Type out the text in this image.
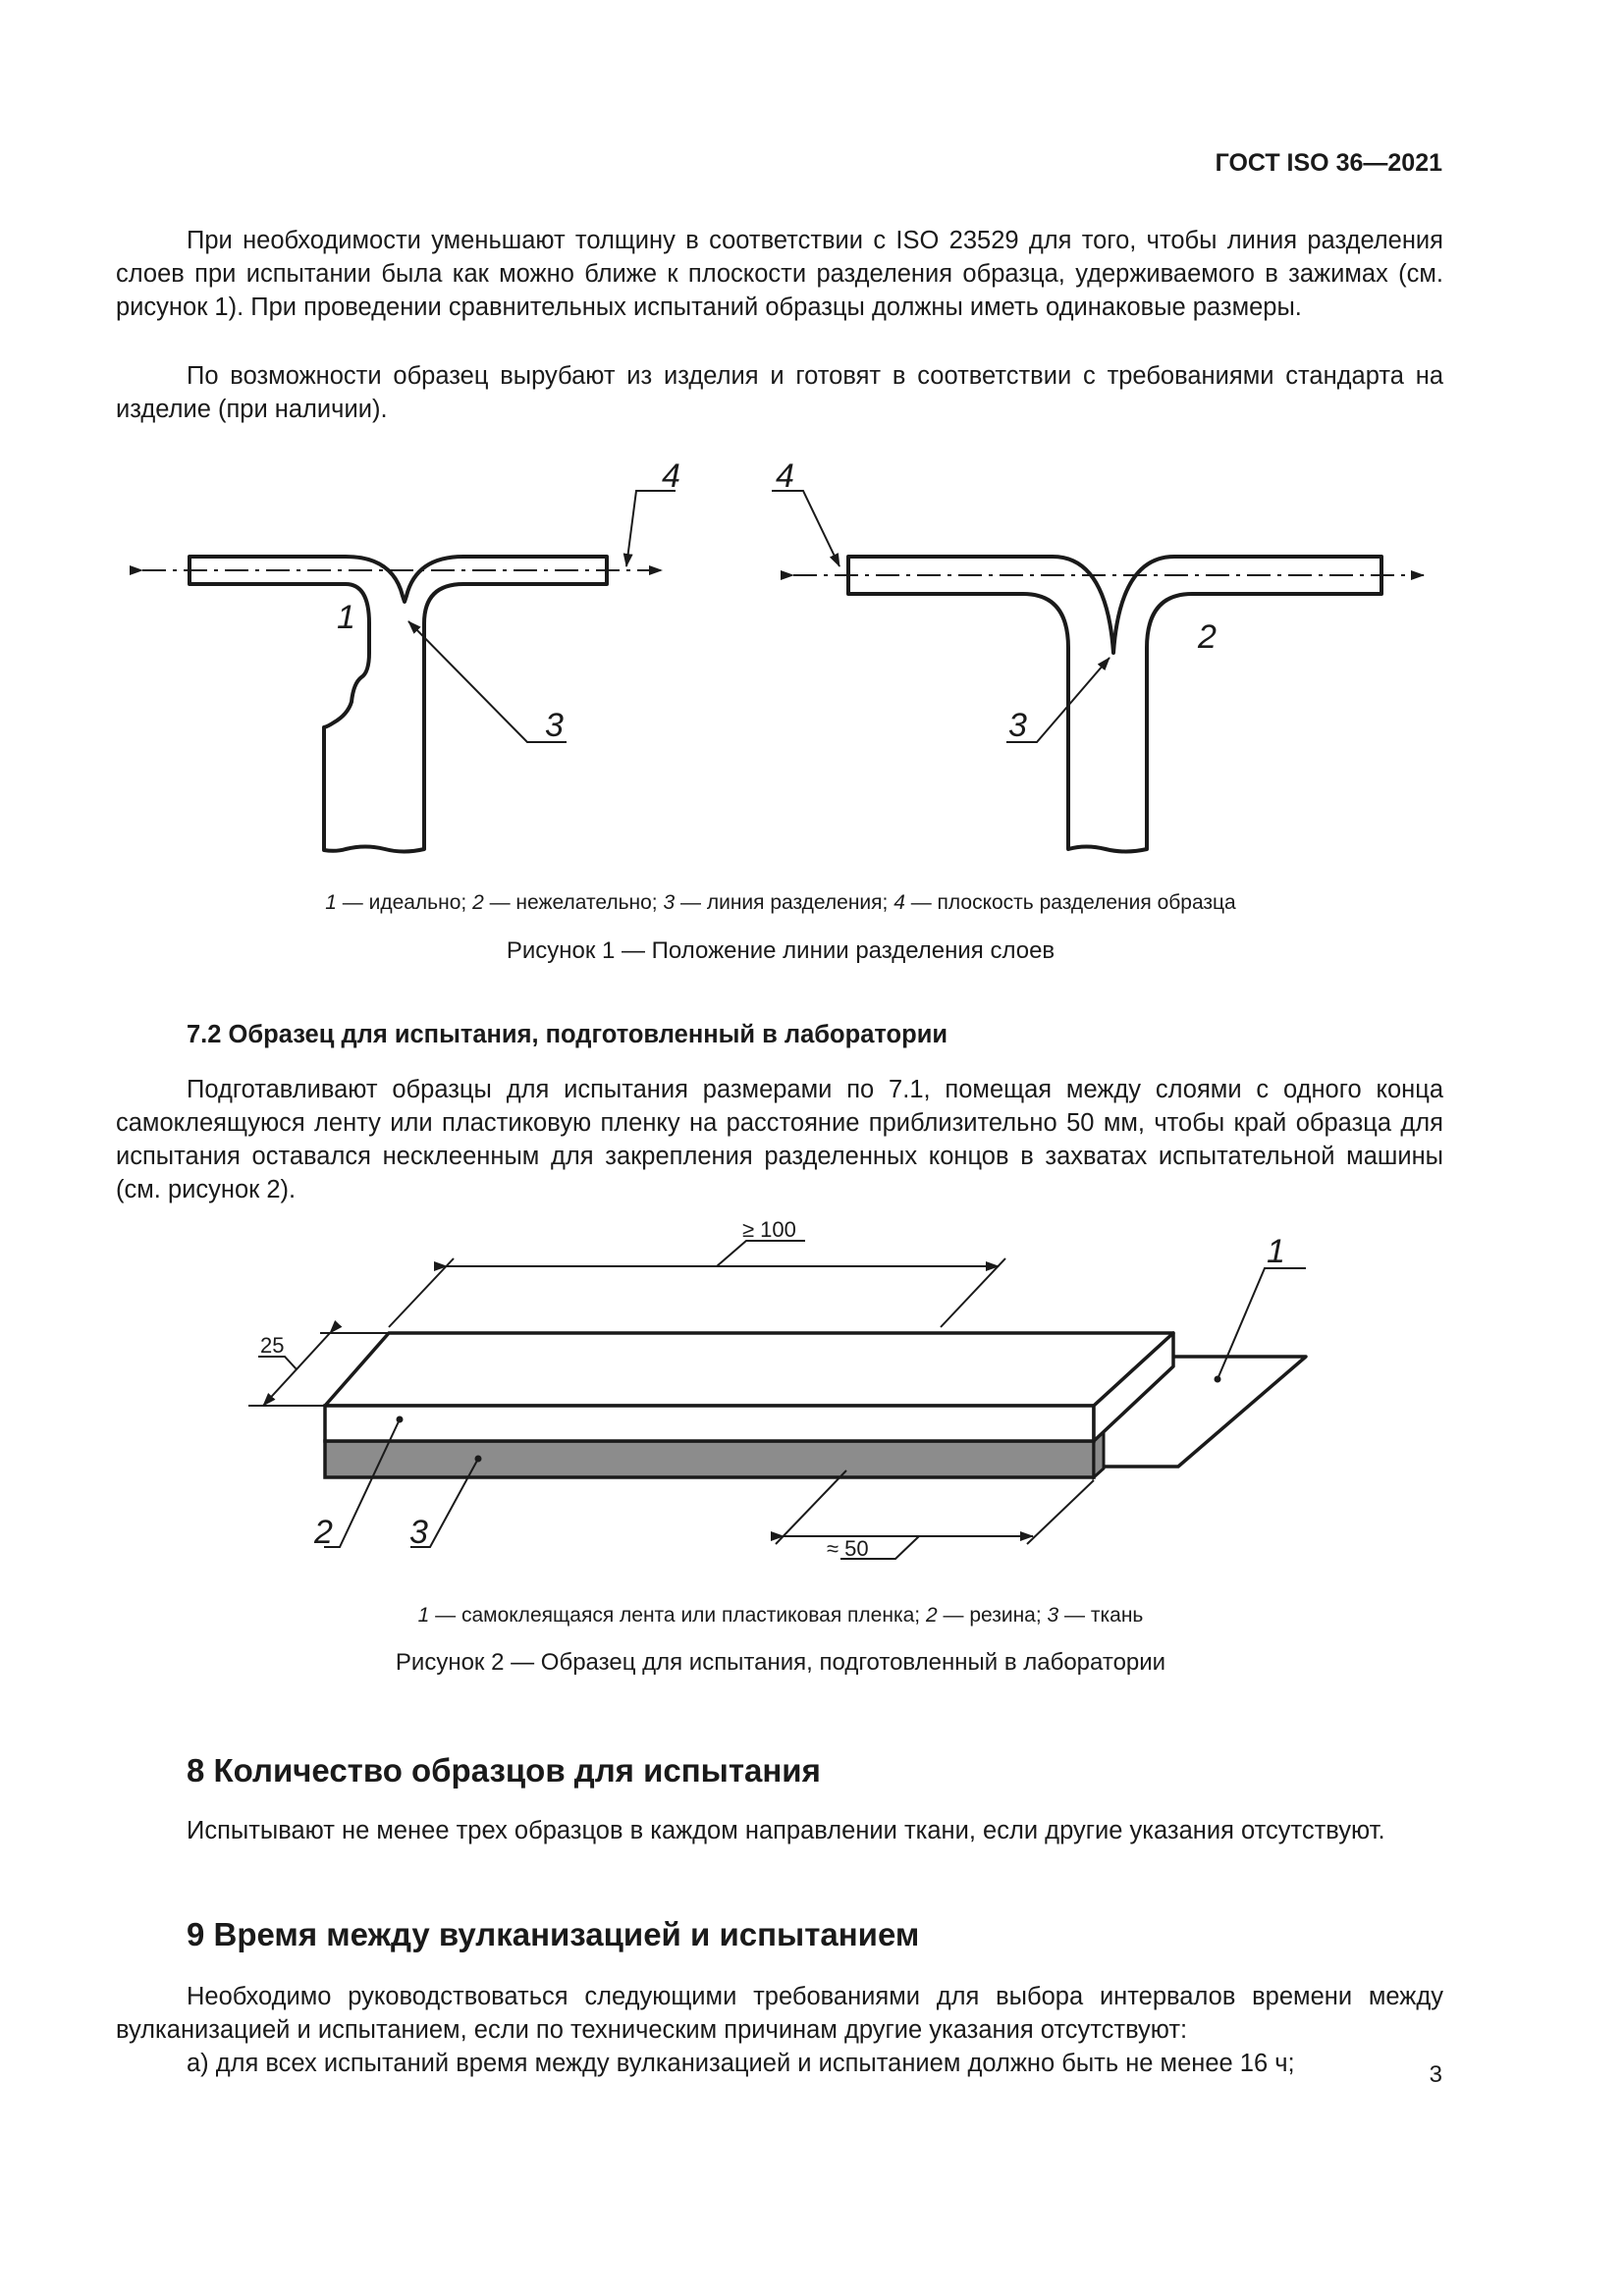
ГОСТ ISO 36—2021
При необходимости уменьшают толщину в соответствии с ISO 23529 для того, чтобы линия разделения слоев при испытании была как можно ближе к плоскости разделения образца, удерживаемого в зажимах (см. рисунок 1). При проведении сравнительных испытаний образцы должны иметь одинаковые размеры.
По возможности образец вырубают из изделия и готовят в соответствии с требованиями стандарта на изделие (при наличии).
4	4
1
2
3	3
1 — идеально; 2 — нежелательно; 3 — линия разделения; 4 — плоскость разделения образца
Рисунок 1 — Положение линии разделения слоев
7.2 Образец для испытания, подготовленный в лаборатории
Подготавливают образцы для испытания размерами по 7.1, помещая между слоями с одного конца самоклеящуюся ленту или пластиковую пленку на расстояние приблизительно 50 мм, чтобы край образца для испытания оставался несклеенным для закрепления разделенных концов в захватах испытательной машины (см. рисунок 2).
≥ 100
25
≈ 50
1
2 3
1 — самоклеящаяся лента или пластиковая пленка; 2 — резина; 3 — ткань
Рисунок 2 — Образец для испытания, подготовленный в лаборатории
8 Количество образцов для испытания
Испытывают не менее трех образцов в каждом направлении ткани, если другие указания отсутствуют.
9 Время между вулканизацией и испытанием
Необходимо руководствоваться следующими требованиями для выбора интервалов времени между вулканизацией и испытанием, если по техническим причинам другие указания отсутствуют:
а) для всех испытаний время между вулканизацией и испытанием должно быть не менее 16 ч;	3
